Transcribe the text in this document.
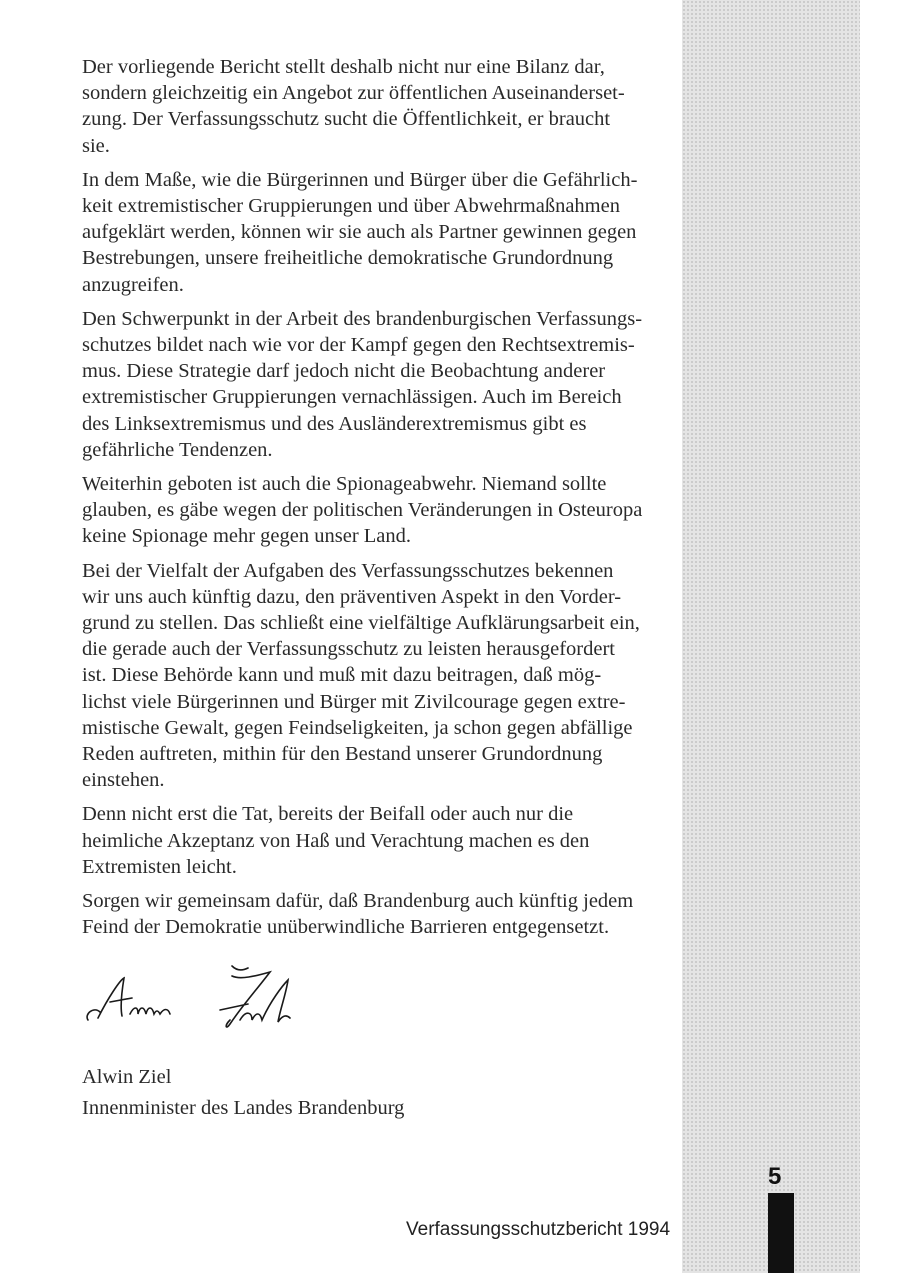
Der vorliegende Bericht stellt deshalb nicht nur eine Bilanz dar,
sondern gleichzeitig ein Angebot zur öffentlichen Auseinanderset-
zung. Der Verfassungsschutz sucht die Öffentlichkeit, er braucht
sie.

In dem Maße, wie die Bürgerinnen und Bürger über die Gefährlich-
keit extremistischer Gruppierungen und über Abwehrmaßnahmen
aufgeklärt werden, können wir sie auch als Partner gewinnen gegen
Bestrebungen, unsere freiheitliche demokratische Grundordnung
anzugreifen.

Den Schwerpunkt in der Arbeit des brandenburgischen Verfassungs-
schutzes bildet nach wie vor der Kampf gegen den Rechtsextremis-
mus. Diese Strategie darf jedoch nicht die Beobachtung anderer
extremistischer Gruppierungen vernachlässigen. Auch im Bereich
des Linksextremismus und des Ausländerextremismus gibt es
gefährliche Tendenzen.

Weiterhin geboten ist auch die Spionageabwehr. Niemand sollte
glauben, es gäbe wegen der politischen Veränderungen in Osteuropa
keine Spionage mehr gegen unser Land.

Bei der Vielfalt der Aufgaben des Verfassungsschutzes bekennen
wir uns auch künftig dazu, den präventiven Aspekt in den Vorder-
grund zu stellen. Das schließt eine vielfältige Aufklärungsarbeit ein,
die gerade auch der Verfassungsschutz zu leisten herausgefordert
ist. Diese Behörde kann und muß mit dazu beitragen, daß mög-
lichst viele Bürgerinnen und Bürger mit Zivilcourage gegen extre-
mistische Gewalt, gegen Feindseligkeiten, ja schon gegen abfällige
Reden auftreten, mithin für den Bestand unserer Grundordnung
einstehen.

Denn nicht erst die Tat, bereits der Beifall oder auch nur die
heimliche Akzeptanz von Haß und Verachtung machen es den
Extremisten leicht.

Sorgen wir gemeinsam dafür, daß Brandenburg auch künftig jedem
Feind der Demokratie unüberwindliche Barrieren entgegensetzt.

Alwin Ziel
Innenminister des Landes Brandenburg
Verfassungsschutzbericht 1994
5
